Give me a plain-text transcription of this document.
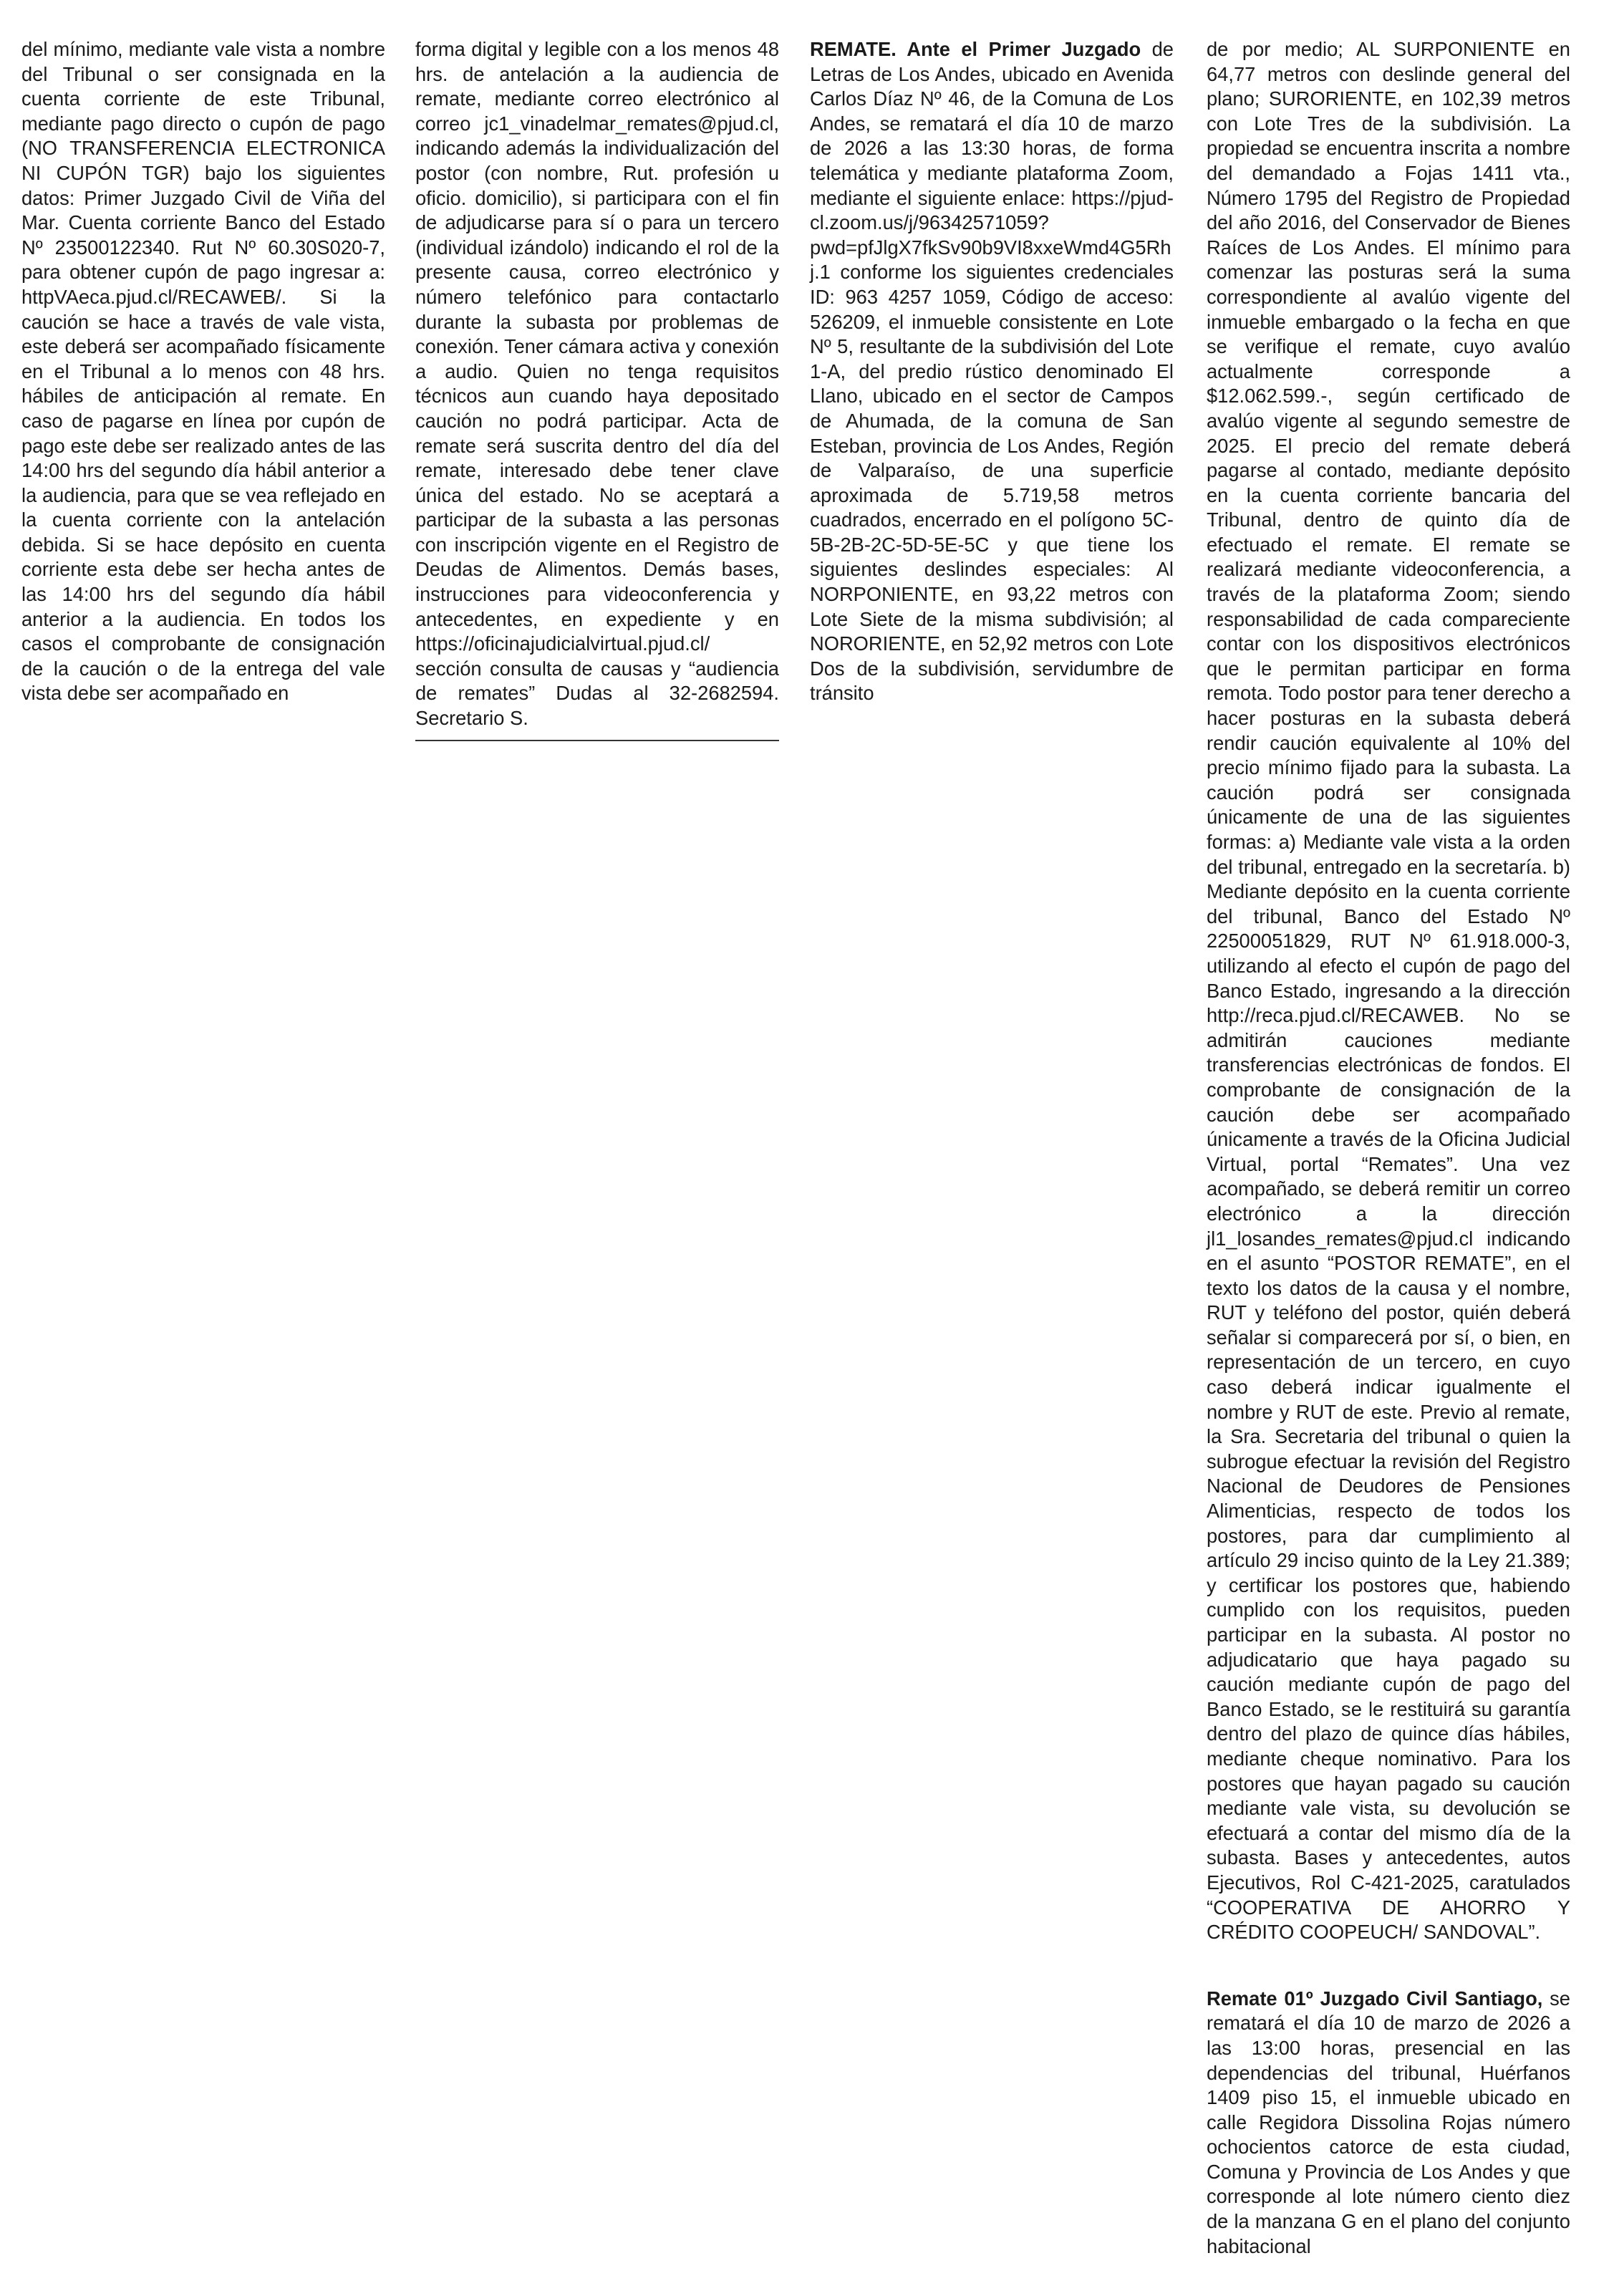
del mínimo, mediante vale vista a nombre del Tribunal o ser consignada en la cuenta corriente de este Tribunal, mediante pago directo o cupón de pago (NO TRANSFERENCIA ELECTRONICA NI CUPÓN TGR) bajo los siguientes datos: Primer Juzgado Civil de Viña del Mar. Cuenta corriente Banco del Estado Nº 23500122340. Rut Nº 60.30S020-7, para obtener cupón de pago ingresar a: httpVAeca.pjud.cl/RECAWEB/. Si la caución se hace a través de vale vista, este deberá ser acompañado físicamente en el Tribunal a lo menos con 48 hrs. hábiles de anticipación al remate. En caso de pagarse en línea por cupón de pago este debe ser realizado antes de las 14:00 hrs del segundo día hábil anterior a la audiencia, para que se vea reflejado en la cuenta corriente con la antelación debida. Si se hace depósito en cuenta corriente esta debe ser hecha antes de las 14:00 hrs del segundo día hábil anterior a la audiencia. En todos los casos el comprobante de consignación de la caución o de la entrega del vale vista debe ser acompañado en

forma digital y legible con a los menos 48 hrs. de antelación a la audiencia de remate, mediante correo electrónico al correo jc1_vinadelmar_remates@pjud.cl, indicando además la individualización del postor (con nombre, Rut. profesión u oficio. domicilio), si participara con el fin de adjudicarse para sí o para un tercero (individual izándolo) indicando el rol de la presente causa, correo electrónico y número telefónico para contactarlo durante la subasta por problemas de conexión. Tener cámara activa y conexión a audio. Quien no tenga requisitos técnicos aun cuando haya depositado caución no podrá participar. Acta de remate será suscrita dentro del día del remate, interesado debe tener clave única del estado. No se aceptará a participar de la subasta a las personas con inscripción vigente en el Registro de Deudas de Alimentos. Demás bases, instrucciones para videoconferencia y antecedentes, en expediente y en https://oficinajudicialvirtual.pjud.cl/ sección consulta de causas y “audiencia de remates” Dudas al 32-2682594. Secretario S.

REMATE. Ante el Primer Juzgado de Letras de Los Andes, ubicado en Avenida Carlos Díaz Nº 46, de la Comuna de Los Andes, se rematará el día 10 de marzo de 2026 a las 13:30 horas, de forma telemática y mediante plataforma Zoom, mediante el siguiente enlace: https://pjud-cl.zoom.us/j/96342571059?pwd=pfJlgX7fkSv90b9VI8xxeWmd4G5Rhj.1 conforme los siguientes credenciales ID: 963 4257 1059, Código de acceso: 526209, el inmueble consistente en Lote Nº 5, resultante de la subdivisión del Lote 1-A, del predio rústico denominado El Llano, ubicado en el sector de Campos de Ahumada, de la comuna de San Esteban, provincia de Los Andes, Región de Valparaíso, de una superficie aproximada de 5.719,58 metros cuadrados, encerrado en el polígono 5C-5B-2B-2C-5D-5E-5C y que tiene los siguientes deslindes especiales: Al NORPONIENTE, en 93,22 metros con Lote Siete de la misma subdivisión; al NORORIENTE, en 52,92 metros con Lote Dos de la subdivisión, servidumbre de tránsito

de por medio; AL SURPONIENTE en 64,77 metros con deslinde general del plano; SURORIENTE, en 102,39 metros con Lote Tres de la subdivisión. La propiedad se encuentra inscrita a nombre del demandado a Fojas 1411 vta., Número 1795 del Registro de Propiedad del año 2016, del Conservador de Bienes Raíces de Los Andes. El mínimo para comenzar las posturas será la suma correspondiente al avalúo vigente del inmueble embargado o la fecha en que se verifique el remate, cuyo avalúo actualmente corresponde a $12.062.599.-, según certificado de avalúo vigente al segundo semestre de 2025. El precio del remate deberá pagarse al contado, mediante depósito en la cuenta corriente bancaria del Tribunal, dentro de quinto día de efectuado el remate. El remate se realizará mediante videoconferencia, a través de la plataforma Zoom; siendo responsabilidad de cada compareciente contar con los dispositivos electrónicos que le permitan participar en forma remota. Todo postor para tener derecho a hacer posturas en la subasta deberá rendir caución equivalente al 10% del precio mínimo fijado para la subasta. La caución podrá ser consignada únicamente de una de las siguientes formas: a) Mediante vale vista a la orden del tribunal, entregado en la secretaría. b) Mediante depósito en la cuenta corriente del tribunal, Banco del Estado Nº 22500051829, RUT Nº 61.918.000-3, utilizando al efecto el cupón de pago del Banco Estado, ingresando a la dirección http://reca.pjud.cl/RECAWEB. No se admitirán cauciones mediante transferencias electrónicas de fondos. El comprobante de consignación de la caución debe ser acompañado únicamente a través de la Oficina Judicial Virtual, portal “Remates”. Una vez acompañado, se deberá remitir un correo electrónico a la dirección jl1_losandes_remates@pjud.cl indicando en el asunto “POSTOR REMATE”, en el texto los datos de la causa y el nombre, RUT y teléfono del postor, quién deberá señalar si comparecerá por sí, o bien, en representación de un tercero, en cuyo caso deberá indicar igualmente el nombre y RUT de este. Previo al remate, la Sra. Secretaria del tribunal o quien la subrogue efectuar la revisión del Registro Nacional de Deudores de Pensiones Alimenticias, respecto de todos los postores, para dar cumplimiento al artículo 29 inciso quinto de la Ley 21.389; y certificar los postores que, habiendo cumplido con los requisitos, pueden participar en la subasta. Al postor no adjudicatario que haya pagado su caución mediante cupón de pago del Banco Estado, se le restituirá su garantía dentro del plazo de quince días hábiles, mediante cheque nominativo. Para los postores que hayan pagado su caución mediante vale vista, su devolución se efectuará a contar del mismo día de la subasta. Bases y antecedentes, autos Ejecutivos, Rol C-421-2025, caratulados “COOPERATIVA DE AHORRO Y CRÉDITO COOPEUCH/ SANDOVAL”.

Remate 01º Juzgado Civil Santiago, se rematará el día 10 de marzo de 2026 a las 13:00 horas, presencial en las dependencias del tribunal, Huérfanos 1409 piso 15, el inmueble ubicado en calle Regidora Dissolina Rojas número ochocientos catorce de esta ciudad, Comuna y Provincia de Los Andes y que corresponde al lote número ciento diez de la manzana G en el plano del conjunto habitacional
